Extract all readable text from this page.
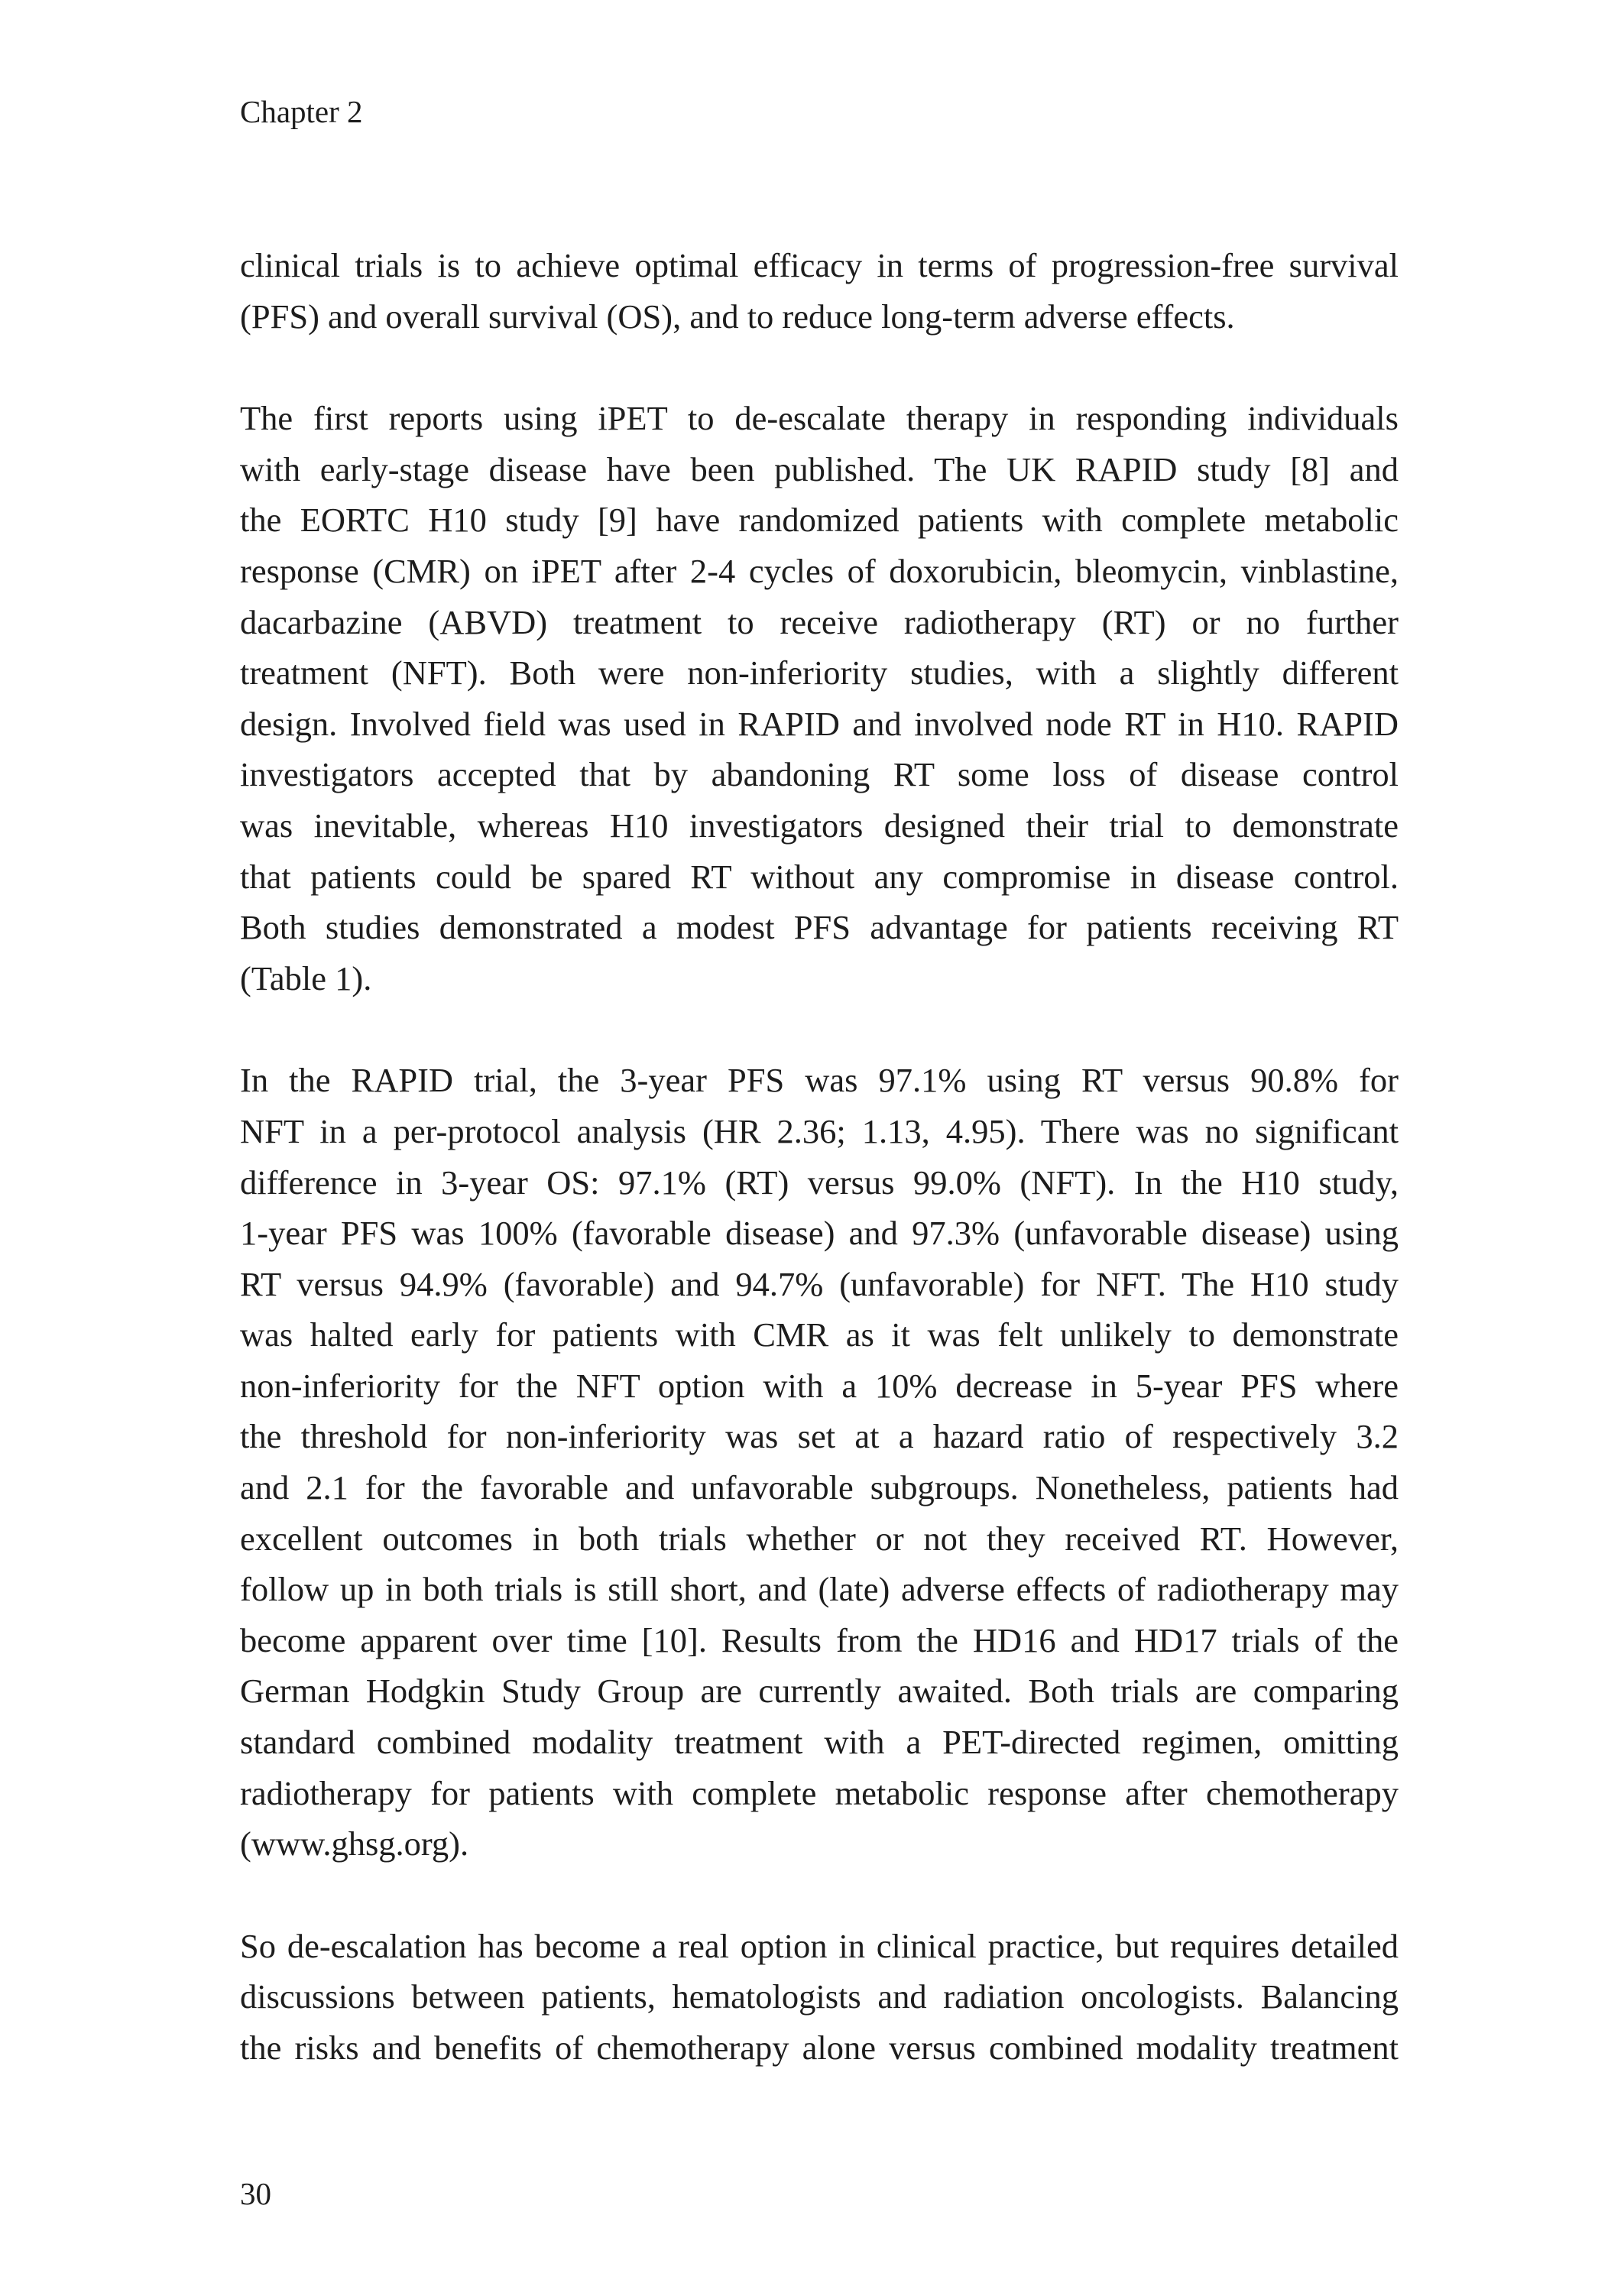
Chapter 2

clinical trials is to achieve optimal efficacy in terms of progression-free survival
(PFS) and overall survival (OS), and to reduce long-term adverse effects.

The first reports using iPET to de-escalate therapy in responding individuals
with early-stage disease have been published. The UK RAPID study [8] and
the EORTC H10 study [9] have randomized patients with complete metabolic
response (CMR) on iPET after 2-4 cycles of doxorubicin, bleomycin, vinblastine,
dacarbazine (ABVD) treatment to receive radiotherapy (RT) or no further
treatment (NFT). Both were non-inferiority studies, with a slightly different
design. Involved field was used in RAPID and involved node RT in H10. RAPID
investigators accepted that by abandoning RT some loss of disease control
was inevitable, whereas H10 investigators designed their trial to demonstrate
that patients could be spared RT without any compromise in disease control.
Both studies demonstrated a modest PFS advantage for patients receiving RT
(Table 1).

In the RAPID trial, the 3-year PFS was 97.1% using RT versus 90.8% for
NFT in a per-protocol analysis (HR 2.36; 1.13, 4.95). There was no significant
difference in 3-year OS: 97.1% (RT) versus 99.0% (NFT). In the H10 study,
1-year PFS was 100% (favorable disease) and 97.3% (unfavorable disease) using
RT versus 94.9% (favorable) and 94.7% (unfavorable) for NFT. The H10 study
was halted early for patients with CMR as it was felt unlikely to demonstrate
non-inferiority for the NFT option with a 10% decrease in 5-year PFS where
the threshold for non-inferiority was set at a hazard ratio of respectively 3.2
and 2.1 for the favorable and unfavorable subgroups. Nonetheless, patients had
excellent outcomes in both trials whether or not they received RT. However,
follow up in both trials is still short, and (late) adverse effects of radiotherapy may
become apparent over time [10]. Results from the HD16 and HD17 trials of the
German Hodgkin Study Group are currently awaited. Both trials are comparing
standard combined modality treatment with a PET-directed regimen, omitting
radiotherapy for patients with complete metabolic response after chemotherapy
(www.ghsg.org).

So de-escalation has become a real option in clinical practice, but requires detailed
discussions between patients, hematologists and radiation oncologists. Balancing
the risks and benefits of chemotherapy alone versus combined modality treatment

30
